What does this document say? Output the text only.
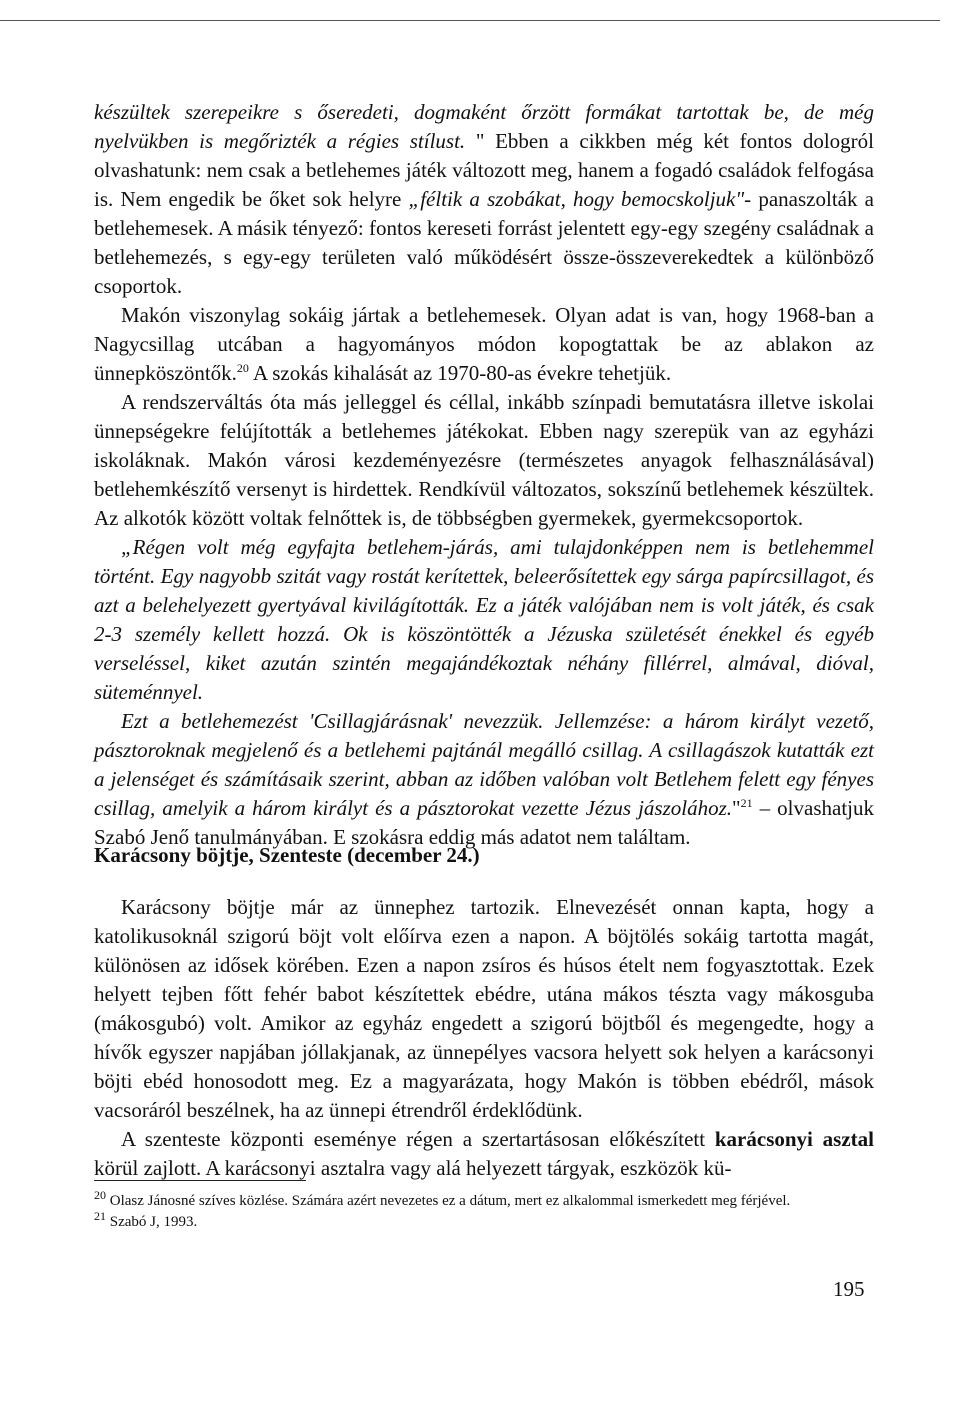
készültek szerepeikre s őseredeti, dogmaként őrzött formákat tartottak be, de még nyelvükben is megőrizték a régies stílust. " Ebben a cikkben még két fontos dologról olvashatunk: nem csak a betlehemes játék változott meg, hanem a fogadó családok felfogása is. Nem engedik be őket sok helyre „féltik a szobákat, hogy bemocskoljuk"- panaszolták a betlehemesek. A másik tényező: fontos kereseti forrást jelentett egy-egy szegény családnak a betlehemezés, s egy-egy területen való működésért össze-összeverekedtek a különböző csoportok.

Makón viszonylag sokáig jártak a betlehemesek. Olyan adat is van, hogy 1968-ban a Nagycsillag utcában a hagyományos módon kopogtattak be az ablakon az ünnepköszöntők.$^{20}$ A szokás kihalását az 1970-80-as évekre tehetjük.

A rendszerváltás óta más jelleggel és céllal, inkább színpadi bemutatásra illetve iskolai ünnepségekre felújították a betlehemes játékokat. Ebben nagy szerepük van az egyházi iskoláknak. Makón városi kezdeményezésre (természetes anyagok felhasználásával) betlehemkészítő versenyt is hirdettek. Rendkívül változatos, sokszínű betlehemek készültek. Az alkotók között voltak felnőttek is, de többségben gyermekek, gyermekcsoportok.

„Régen volt még egyfajta betlehem-járás, ami tulajdonképpen nem is betlehemmel történt. Egy nagyobb szitát vagy rostát kerítettek, beleerősítettek egy sárga papírcsillagot, és azt a belehelyezett gyertyával kivilágították. Ez a játék valójában nem is volt játék, és csak 2-3 személy kellett hozzá. Ok is köszöntötték a Jézuska születését énekkel és egyéb verseléssel, kiket azután szintén megajándékoztak néhány fillérrel, almával, dióval, süteménnyel.

Ezt a betlehemezést 'Csillagjárásnak' nevezzük. Jellemzése: a három királyt vezető, pásztoroknak megjelenő és a betlehemi pajtánál megálló csillag. A csillagászok kutatták ezt a jelenséget és számításaik szerint, abban az időben valóban volt Betlehem felett egy fényes csillag, amelyik a három királyt és a pásztorokat vezette Jézus jászolához."$^{21}$ – olvashatjuk Szabó Jenő tanulmányában. E szokásra eddig más adatot nem találtam.

Karácsony böjtje, Szenteste (december 24.)

Karácsony böjtje már az ünnephez tartozik. Elnevezését onnan kapta, hogy a katolikusoknál szigorú böjt volt előírva ezen a napon. A böjtölés sokáig tartotta magát, különösen az idősek körében. Ezen a napon zsíros és húsos ételt nem fogyasztottak. Ezek helyett tejben főtt fehér babot készítettek ebédre, utána mákos tészta vagy mákosguba (mákosgubó) volt. Amikor az egyház engedett a szigorú böjtből és megengedte, hogy a hívők egyszer napjában jóllakjanak, az ünnepélyes vacsora helyett sok helyen a karácsonyi böjti ebéd honosodott meg. Ez a magyarázata, hogy Makón is többen ebédről, mások vacsoráról beszélnek, ha az ünnepi étrendről érdeklődünk.

A szenteste központi eseménye régen a szertartásosan előkészített karácsonyi asztal körül zajlott. A karácsonyi asztalra vagy alá helyezett tárgyak, eszközök kü-

$^{20}$ Olasz Jánosné szíves közlése. Számára azért nevezetes ez a dátum, mert ez alkalommal ismerkedett meg férjével.

$^{21}$ Szabó J, 1993.

195
